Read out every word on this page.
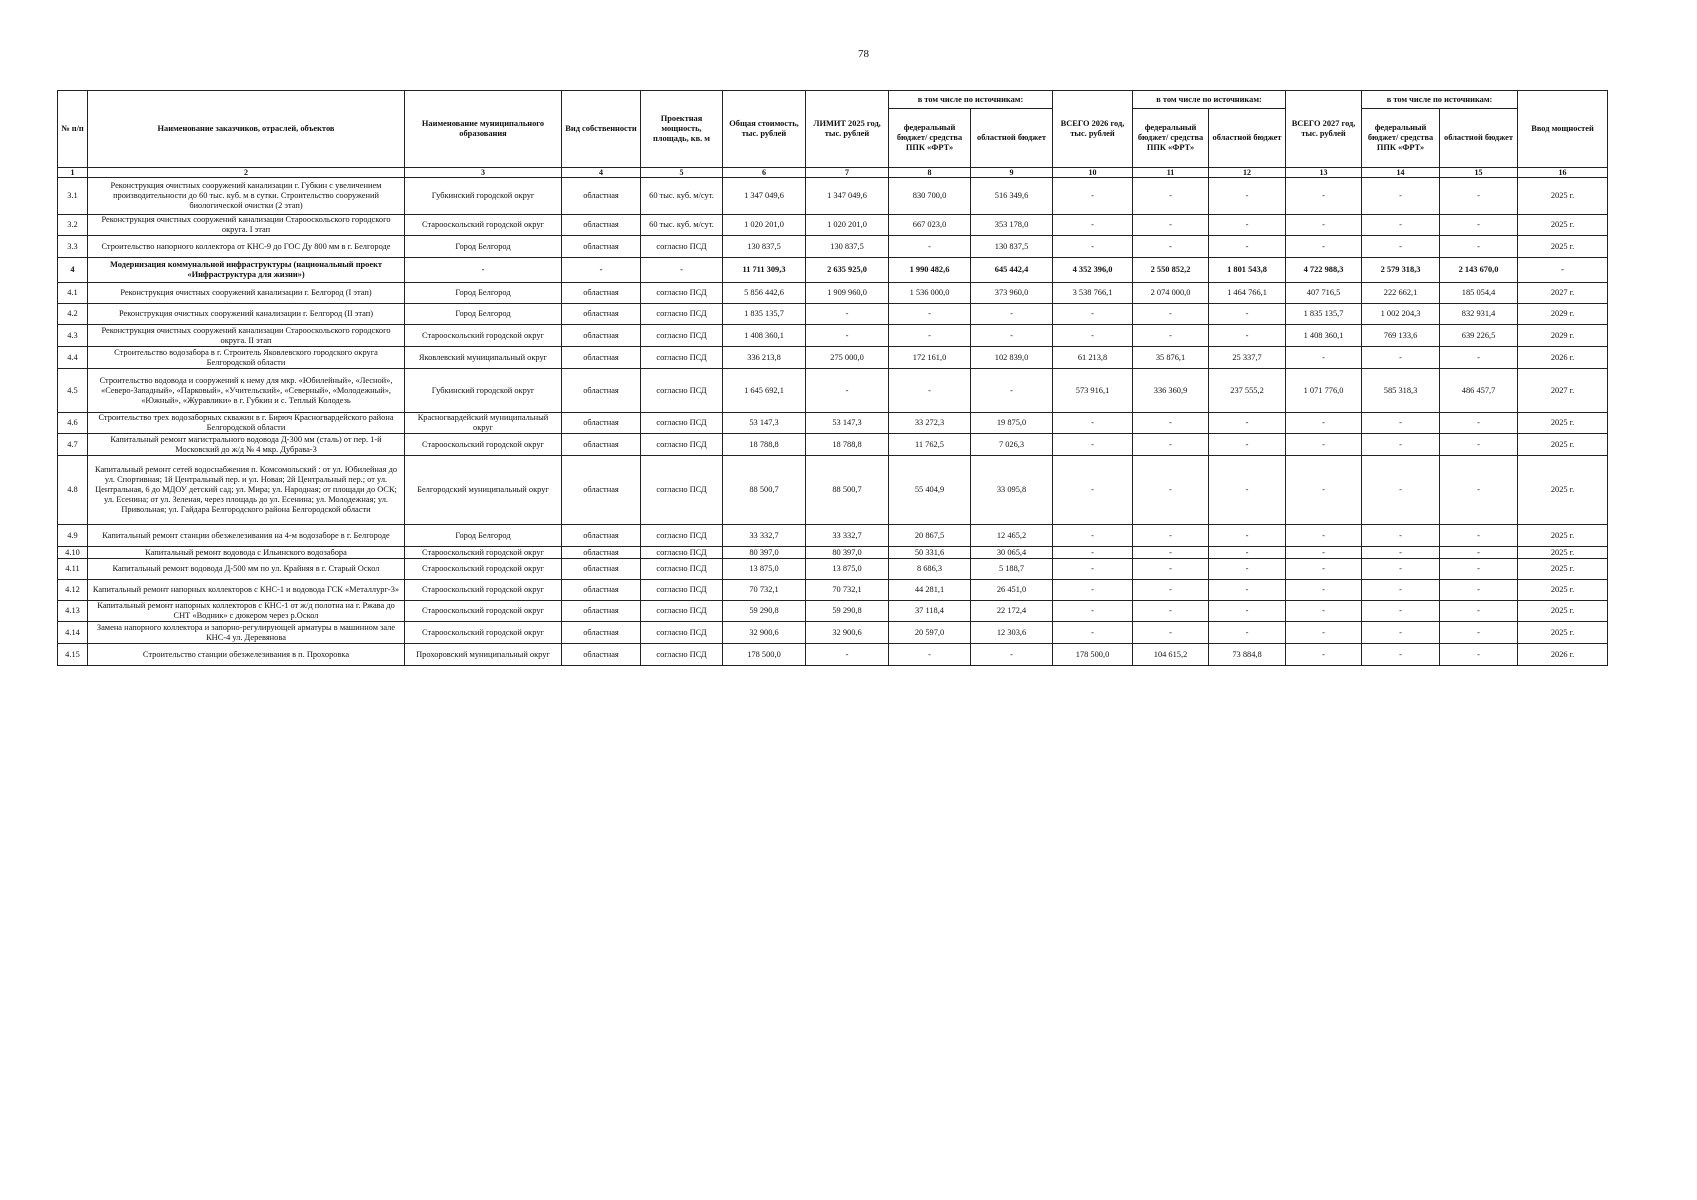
78
№ п/п	Наименование заказчиков, отраслей, объектов	Наименование муниципального образования	Вид собственности	Проектная мощность, площадь, кв. м	Общая стоимость, тыс. рублей	ЛИМИТ 2025 год, тыс. рублей	в том числе по источникам:		ВСЕГО 2026 год, тыс. рублей	в том числе по источникам:		ВСЕГО 2027 год, тыс. рублей	в том числе по источникам:		Ввод мощностей
							федеральный бюджет/ средства ППК «ФРТ»	областной бюджет		федеральный бюджет/ средства ППК «ФРТ»	областной бюджет		федеральный бюджет/ средства ППК «ФРТ»	областной бюджет	
1	2	3	4	5	6	7	8	9	10	11	12	13	14	15	16
3.1	Реконструкция очистных сооружений канализации г. Губкин с увеличением производительности до 60 тыс. куб. м в сутки. Строительство сооружений биологической очистки (2 этап)	Губкинский городской округ	областная	60 тыс. куб. м/сут.	1 347 049,6	1 347 049,6	830 700,0	516 349,6	-	-	-	-	-	-	2025 г.
3.2	Реконструкция очистных сооружений канализации Старооскольского городского округа. I этап	Старооскольский городской округ	областная	60 тыс. куб. м/сут.	1 020 201,0	1 020 201,0	667 023,0	353 178,0	-	-	-	-	-	-	2025 г.
3.3	Строительство напорного коллектора от КНС-9 до ГОС Ду 800 мм в г. Белгороде	Город Белгород	областная	согласно ПСД	130 837,5	130 837,5	-	130 837,5	-	-	-	-	-	-	2025 г.
4	Модернизация коммунальной инфраструктуры (национальный проект «Инфраструктура для жизни»)	-	-	-	11 711 309,3	2 635 925,0	1 990 482,6	645 442,4	4 352 396,0	2 550 852,2	1 801 543,8	4 722 988,3	2 579 318,3	2 143 670,0	-
4.1	Реконструкция очистных сооружений канализации г. Белгород (I этап)	Город Белгород	областная	согласно ПСД	5 856 442,6	1 909 960,0	1 536 000,0	373 960,0	3 538 766,1	2 074 000,0	1 464 766,1	407 716,5	222 662,1	185 054,4	2027 г.
4.2	Реконструкция очистных сооружений канализации г. Белгород (II этап)	Город Белгород	областная	согласно ПСД	1 835 135,7	-	-	-	-	-	-	1 835 135,7	1 002 204,3	832 931,4	2029 г.
4.3	Реконструкция очистных сооружений канализации Старооскольского городского округа. II этап	Старооскольский городской округ	областная	согласно ПСД	1 408 360,1	-	-	-	-	-	-	1 408 360,1	769 133,6	639 226,5	2029 г.
4.4	Строительство водозабора в г. Строитель Яковлевского городского округа Белгородской области	Яковлевский муниципальный округ	областная	согласно ПСД	336 213,8	275 000,0	172 161,0	102 839,0	61 213,8	35 876,1	25 337,7	-	-	-	2026 г.
4.5	Строительство водовода и сооружений к нему для мкр. «Юбилейный», «Лесной», «Северо-Западный», «Парковый», «Учительский», «Северный», «Молодежный», «Южный», «Журавлики» в г. Губкин и с. Теплый Колодезь	Губкинский городской округ	областная	согласно ПСД	1 645 692,1	-	-	-	573 916,1	336 360,9	237 555,2	1 071 776,0	585 318,3	486 457,7	2027 г.
4.6	Строительство трех водозаборных скважин в г. Бирюч Красногвардейского района Белгородской области	Красногвардейский муниципальный округ	областная	согласно ПСД	53 147,3	53 147,3	33 272,3	19 875,0	-	-	-	-	-	-	2025 г.
4.7	Капитальный ремонт магистрального водовода Д-300 мм (сталь) от пер. 1-й Московский до ж/д № 4 мкр. Дубрава-3	Старооскольский городской округ	областная	согласно ПСД	18 788,8	18 788,8	11 762,5	7 026,3	-	-	-	-	-	-	2025 г.
4.8	Капитальный ремонт сетей водоснабжения п. Комсомольский : от ул. Юбилейная до ул. Спортивная; 1й Центральный пер. и ул. Новая; 2й Центральный пер.; от ул. Центральная, 6 до МДОУ детский сад; ул. Мира; ул. Народная; от площади до ОСК; ул. Есенина; от ул. Зеленая, через площадь до ул. Есенина; ул. Молодежная; ул. Привольная; ул. Гайдара Белгородского района Белгородской области	Белгородский муниципальный округ	областная	согласно ПСД	88 500,7	88 500,7	55 404,9	33 095,8	-	-	-	-	-	-	2025 г.
4.9	Капитальный ремонт станции обезжелезивания на 4-м водозаборе в г. Белгороде	Город Белгород	областная	согласно ПСД	33 332,7	33 332,7	20 867,5	12 465,2	-	-	-	-	-	-	2025 г.
4.10	Капитальный ремонт водовода с Ильинского водозабора	Старооскольский городской округ	областная	согласно ПСД	80 397,0	80 397,0	50 331,6	30 065,4	-	-	-	-	-	-	2025 г.
4.11	Капитальный ремонт водовода Д-500 мм по ул. Крайняя в г. Старый Оскол	Старооскольский городской округ	областная	согласно ПСД	13 875,0	13 875,0	8 686,3	5 188,7	-	-	-	-	-	-	2025 г.
4.12	Капитальный ремонт напорных коллекторов с КНС-1 и водовода ГСК «Металлург-3»	Старооскольский городской округ	областная	согласно ПСД	70 732,1	70 732,1	44 281,1	26 451,0	-	-	-	-	-	-	2025 г.
4.13	Капитальный ремонт напорных коллекторов с КНС-1 от ж/д полотна на г. Ржава до СНТ «Водник» с дюкером через р.Оскол	Старооскольский городской округ	областная	согласно ПСД	59 290,8	59 290,8	37 118,4	22 172,4	-	-	-	-	-	-	2025 г.
4.14	Замена напорного коллектора и запорно-регулирующей арматуры в машинном зале КНС-4 ул. Деревянова	Старооскольский городской округ	областная	согласно ПСД	32 900,6	32 900,6	20 597,0	12 303,6	-	-	-	-	-	-	2025 г.
4.15	Строительство станции обезжелезивания в п. Прохоровка	Прохоровский муниципальный округ	областная	согласно ПСД	178 500,0	-	-	-	178 500,0	104 615,2	73 884,8	-	-	-	2026 г.
